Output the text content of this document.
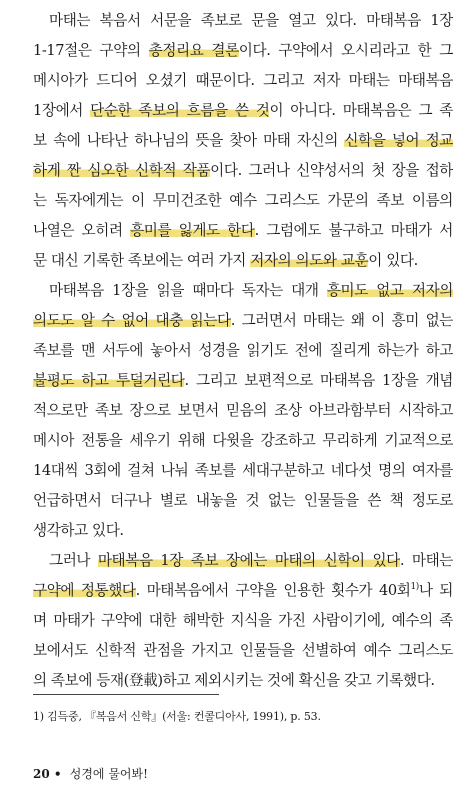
마태는 복음서 서문을 족보로 문을 열고 있다. 마태복음 1장
1-17절은 구약의 총정리요 결론이다. 구약에서 오시리라고 한 그
메시아가 드디어 오셨기 때문이다. 그리고 저자 마태는 마태복음
1장에서 단순한 족보의 흐름을 쓴 것이 아니다. 마태복음은 그 족
보 속에 나타난 하나님의 뜻을 찾아 마태 자신의 신학을 넣어 정교
하게 짠 심오한 신학적 작품이다. 그러나 신약성서의 첫 장을 접하
는 독자에게는 이 무미건조한 예수 그리스도 가문의 족보 이름의
나열은 오히려 흥미를 잃게도 한다. 그럼에도 불구하고 마태가 서
문 대신 기록한 족보에는 여러 가지 저자의 의도와 교훈이 있다.
마태복음 1장을 읽을 때마다 독자는 대개 흥미도 없고 저자의
의도도 알 수 없어 대충 읽는다. 그러면서 마태는 왜 이 흥미 없는
족보를 맨 서두에 놓아서 성경을 읽기도 전에 질리게 하는가 하고
불평도 하고 투덜거린다. 그리고 보편적으로 마태복음 1장을 개념
적으로만 족보 장으로 보면서 믿음의 조상 아브라함부터 시작하고
메시아 전통을 세우기 위해 다윗을 강조하고 무리하게 기교적으로
14대씩 3회에 걸쳐 나눠 족보를 세대구분하고 네다섯 명의 여자를
언급하면서 더구나 별로 내놓을 것 없는 인물들을 쓴 책 정도로
생각하고 있다.
그러나 마태복음 1장 족보 장에는 마태의 신학이 있다. 마태는
구약에 정통했다. 마태복음에서 구약을 인용한 횟수가 40회$^{1)}$나 되
며 마태가 구약에 대한 해박한 지식을 가진 사람이기에, 예수의 족
보에서도 신학적 관점을 가지고 인물들을 선별하여 예수 그리스도
의 족보에 등재(登載)하고 제외시키는 것에 확신을 갖고 기록했다.
1) 김득중, 『복음서 신학』(서울: 컨콜디아사, 1991), p. 53.
20 • 성경에 물어봐!
